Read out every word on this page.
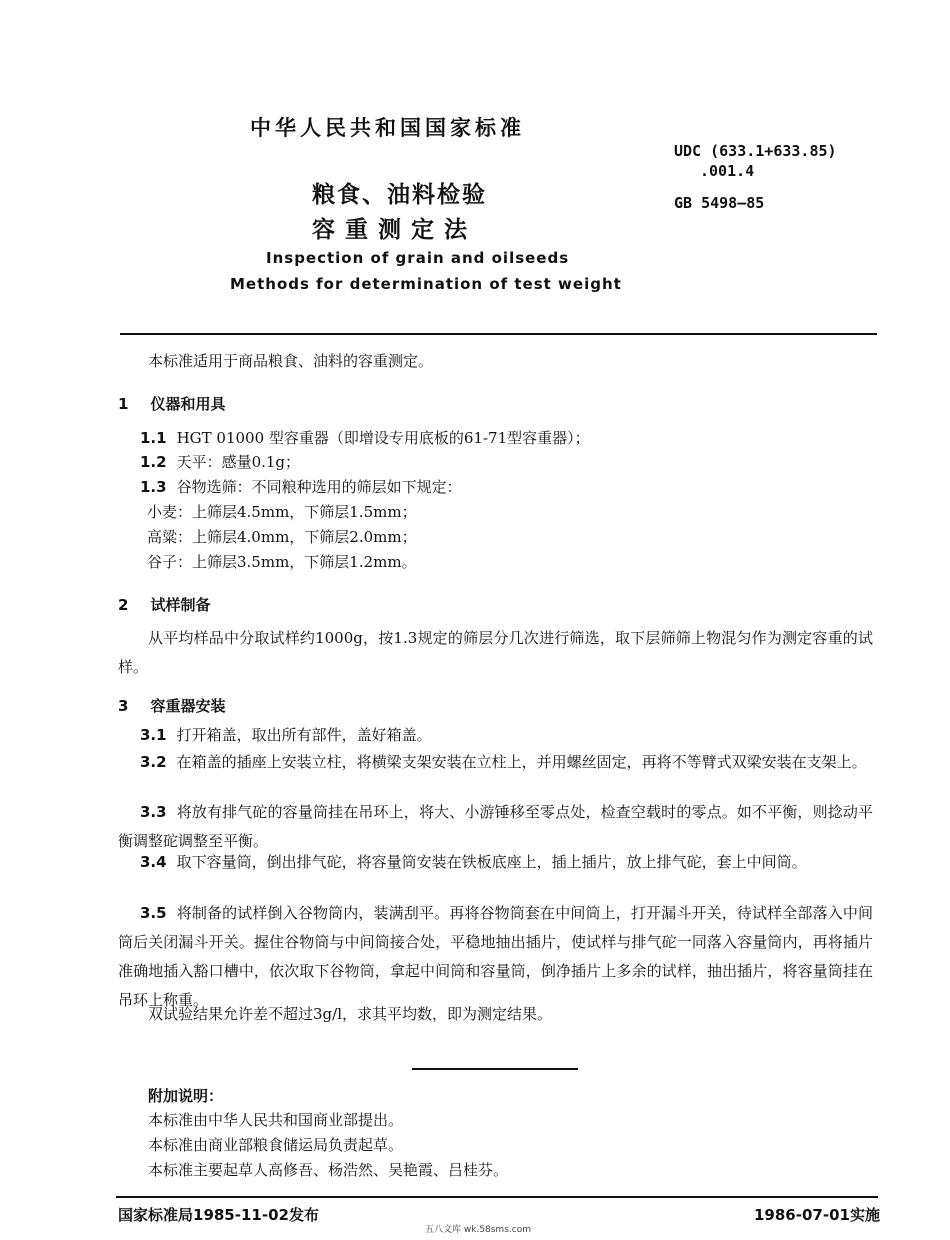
中华人民共和国国家标准
UDC (633.1+633.85)
.001.4
GB 5498—85
粮食、油料检验
容重测定法
Inspection of grain and oilseeds
Methods for determination of test weight
本标准适用于商品粮食、油料的容重测定。
1 仪器和用具
1.1 HGT 01000 型容重器（即增设专用底板的61-71型容重器）；
1.2 天平：感量0.1g；
1.3 谷物选筛：不同粮种选用的筛层如下规定：
小麦：上筛层4.5mm，下筛层1.5mm；
高粱：上筛层4.0mm，下筛层2.0mm；
谷子：上筛层3.5mm，下筛层1.2mm。
2 试样制备
从平均样品中分取试样约1000g，按1.3规定的筛层分几次进行筛选，取下层筛筛上物混匀作为测定容重的试样。
3 容重器安装
3.1 打开箱盖，取出所有部件，盖好箱盖。
3.2 在箱盖的插座上安装立柱，将横梁支架安装在立柱上，并用螺丝固定，再将不等臂式双梁安装在支架上。
3.3 将放有排气砣的容量筒挂在吊环上，将大、小游锤移至零点处，检查空载时的零点。如不平衡，则捻动平衡调整砣调整至平衡。
3.4 取下容量筒，倒出排气砣，将容量筒安装在铁板底座上，插上插片，放上排气砣，套上中间筒。
3.5 将制备的试样倒入谷物筒内，装满刮平。再将谷物筒套在中间筒上，打开漏斗开关，待试样全部落入中间筒后关闭漏斗开关。握住谷物筒与中间筒接合处，平稳地抽出插片，使试样与排气砣一同落入容量筒内，再将插片准确地插入豁口槽中，依次取下谷物筒，拿起中间筒和容量筒，倒净插片上多余的试样，抽出插片，将容量筒挂在吊环上称重。
双试验结果允许差不超过3g/l，求其平均数，即为测定结果。
附加说明：
本标准由中华人民共和国商业部提出。
本标准由商业部粮食储运局负责起草。
本标准主要起草人高修吾、杨浩然、吴艳霞、吕桂芬。
国家标准局1985-11-02发布
五八文库 wk.58sms.com
1986-07-01实施
